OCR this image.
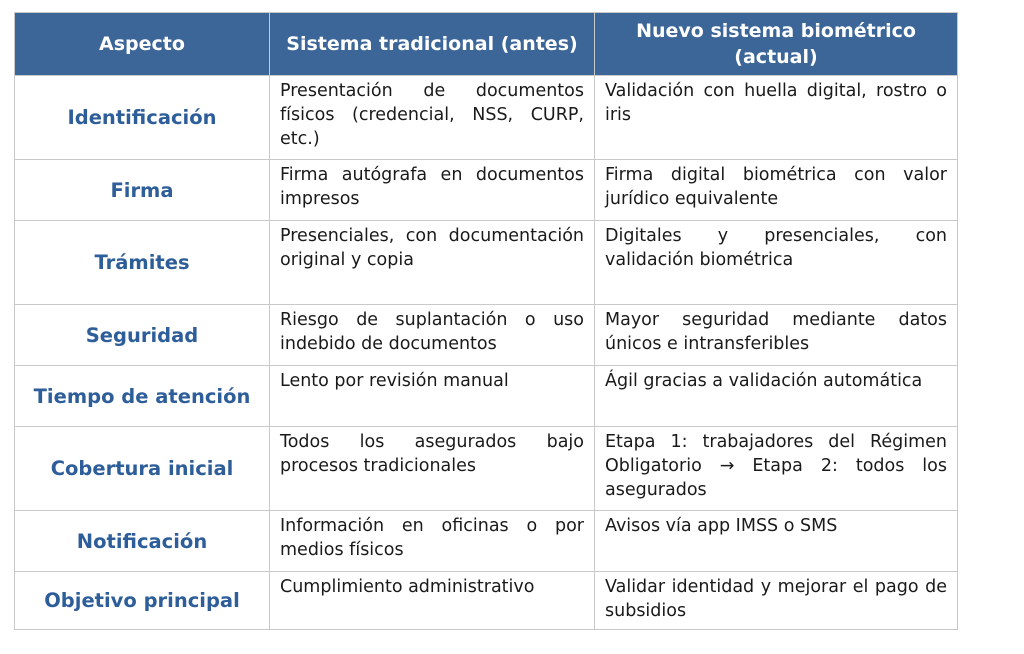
Aspecto	Sistema tradicional (antes)	Nuevo sistema biométrico (actual)
Identificación	Presentación de documentos físicos (credencial, NSS, CURP, etc.)	Validación con huella digital, rostro o iris
Firma	Firma autógrafa en documentos impresos	Firma digital biométrica con valor jurídico equivalente
Trámites	Presenciales, con documentación original y copia	Digitales y presenciales, con validación biométrica
Seguridad	Riesgo de suplantación o uso indebido de documentos	Mayor seguridad mediante datos únicos e intransferibles
Tiempo de atención	Lento por revisión manual	Ágil gracias a validación automática
Cobertura inicial	Todos los asegurados bajo procesos tradicionales	Etapa 1: trabajadores del Régimen Obligatorio → Etapa 2: todos los asegurados
Notificación	Información en oficinas o por medios físicos	Avisos vía app IMSS o SMS
Objetivo principal	Cumplimiento administrativo	Validar identidad y mejorar el pago de subsidios
